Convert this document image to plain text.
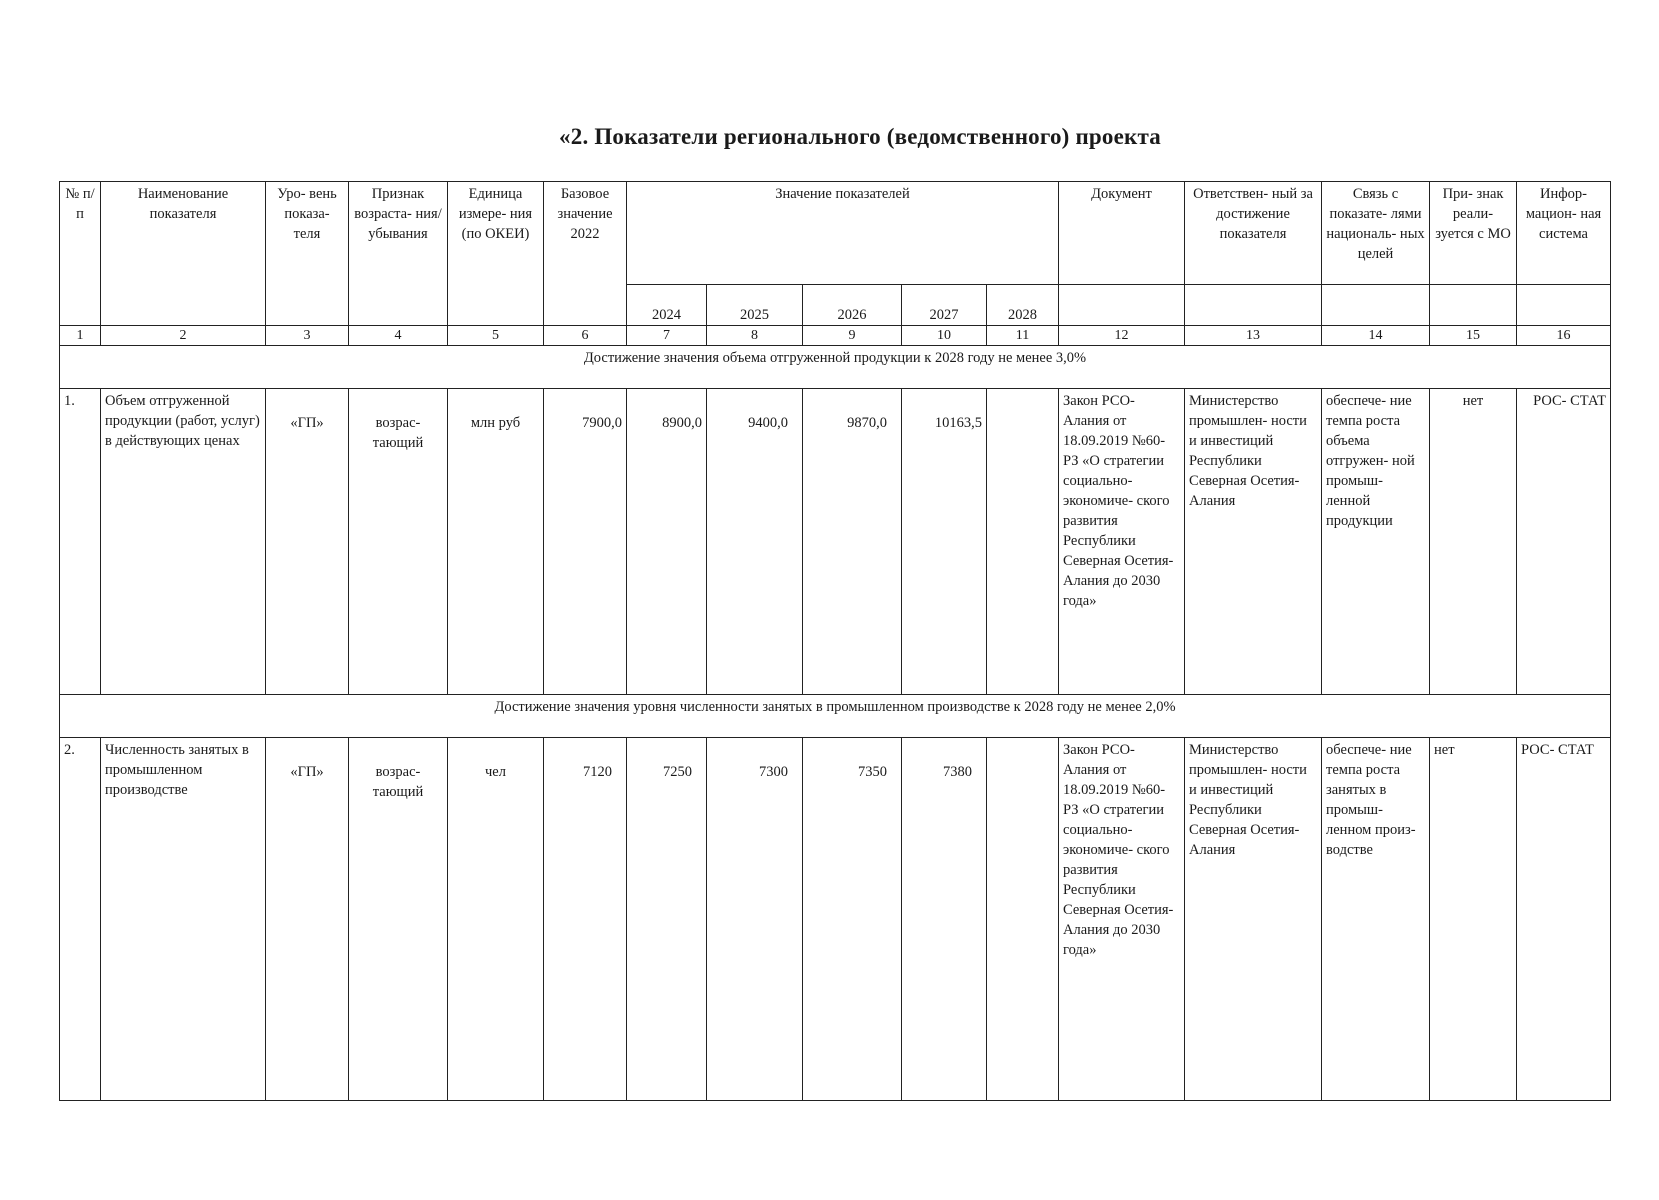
«2. Показатели регионального (ведомственного) проекта
№ п/ п	Наименование показателя	Уро- вень показа- теля	Признак возраста- ния/ убывания	Единица измере- ния (по ОКЕИ)	Базовое значение 2022	Значение показателей					Документ	Ответствен- ный за достижение показателя	Связь с показате- лями националь- ных целей	При- знак реали- зуется с МО	Инфор- мацион- ная система
						2024	2025	2026	2027	2028					
1	2	3	4	5	6	7	8	9	10	11	12	13	14	15	16
Достижение значения объема отгруженной продукции к 2028 году не менее 3,0%															
1.	Объем отгруженной продукции (работ, услуг) в действующих ценах	«ГП»	возрас- тающий	млн руб	7900,0	8900,0	9400,0	9870,0	10163,5		Закон РСО- Алания от 18.09.2019 №60-РЗ «О стратегии социально- экономиче- ского развития Республики Северная Осетия- Алания до 2030 года»	Министерство промышлен- ности и инвестиций Республики Северная Осетия-Алания	обеспече- ние темпа роста объема отгружен- ной промыш- ленной продукции	нет	РОС- СТАТ
Достижение значения уровня численности занятых в промышленном производстве к 2028 году не менее 2,0%															
2.	Численность занятых в промышленном производстве	«ГП»	возрас- тающий	чел	7120	7250	7300	7350	7380		Закон РСО- Алания от 18.09.2019 №60-РЗ «О стратегии социально- экономиче- ского развития Республики Северная Осетия- Алания до 2030 года»	Министерство промышлен- ности и инвестиций Республики Северная Осетия-Алания	обеспече- ние темпа роста занятых в промыш- ленном произ- водстве	нет	РОС- СТАТ
